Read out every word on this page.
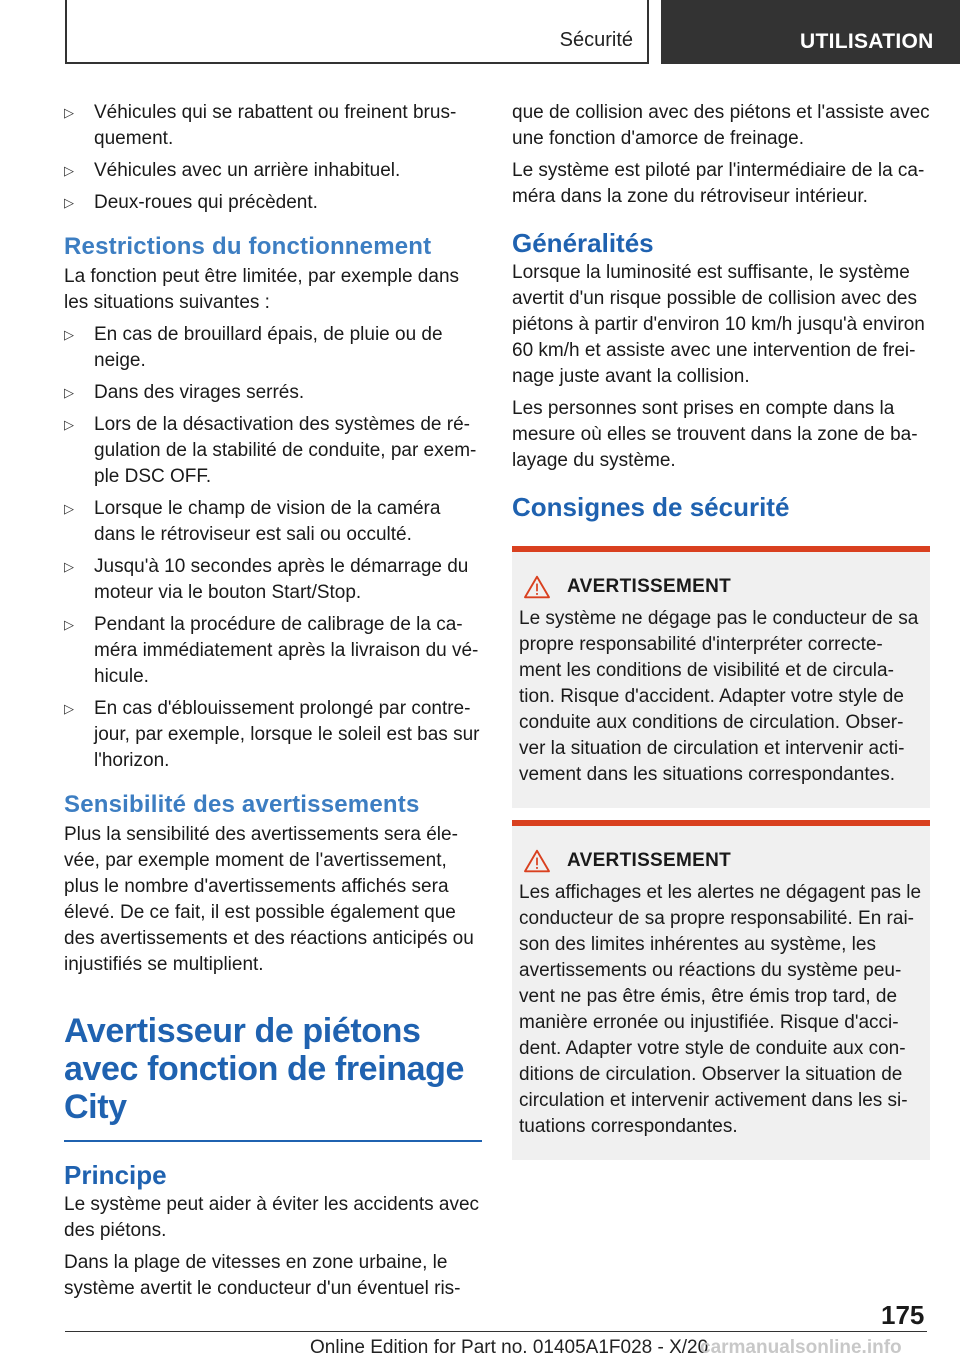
Sécurité	UTILISATION
▷ Véhicules qui se rabattent ou freinent brus-quement.
▷ Véhicules avec un arrière inhabituel.
▷ Deux-roues qui précèdent.
Restrictions du fonctionnement

La fonction peut être limitée, par exemple dans les situations suivantes :

▷ En cas de brouillard épais, de pluie ou de neige.
▷ Dans des virages serrés.
▷ Lors de la désactivation des systèmes de ré-gulation de la stabilité de conduite, par exem-ple DSC OFF.
▷ Lorsque le champ de vision de la caméra dans le rétroviseur est sali ou occulté.
▷ Jusqu'à 10 secondes après le démarrage du moteur via le bouton Start/Stop.
▷ Pendant la procédure de calibrage de la ca-méra immédiatement après la livraison du vé-hicule.
▷ En cas d'éblouissement prolongé par contre-jour, par exemple, lorsque le soleil est bas sur l'horizon.
Sensibilité des avertissements

Plus la sensibilité des avertissements sera éle-vée, par exemple moment de l'avertissement, plus le nombre d'avertissements affichés sera élevé. De ce fait, il est possible également que des avertissements et des réactions anticipés ou injustifiés se multiplient.

Avertisseur de piétons avec fonction de freinage City
Principe

Le système peut aider à éviter les accidents avec des piétons.

Dans la plage de vitesses en zone urbaine, le système avertit le conducteur d'un éventuel ris-

que de collision avec des piétons et l'assiste avec une fonction d'amorce de freinage.

Le système est piloté par l'intermédiaire de la ca-méra dans la zone du rétroviseur intérieur.

Généralités

Lorsque la luminosité est suffisante, le système avertit d'un risque possible de collision avec des piétons à partir d'environ 10 km/h jusqu'à environ 60 km/h et assiste avec une intervention de frei-nage juste avant la collision.

Les personnes sont prises en compte dans la mesure où elles se trouvent dans la zone de ba-layage du système.

Consignes de sécurité
AVERTISSEMENT

Le système ne dégage pas le conducteur de sa propre responsabilité d'interpréter correcte-ment les conditions de visibilité et de circula-tion. Risque d'accident. Adapter votre style de conduite aux conditions de circulation. Obser-ver la situation de circulation et intervenir acti-vement dans les situations correspondantes.

AVERTISSEMENT

Les affichages et les alertes ne dégagent pas le conducteur de sa propre responsabilité. En rai-son des limites inhérentes au système, les avertissements ou réactions du système peu-vent ne pas être émis, être émis trop tard, de manière erronée ou injustifiée. Risque d'acci-dent. Adapter votre style de conduite aux con-ditions de circulation. Observer la situation de circulation et intervenir activement dans les si-tuations correspondantes.

175
Online Edition for Part no. 01405A1F028 - X/20
carmanualsonline.info
